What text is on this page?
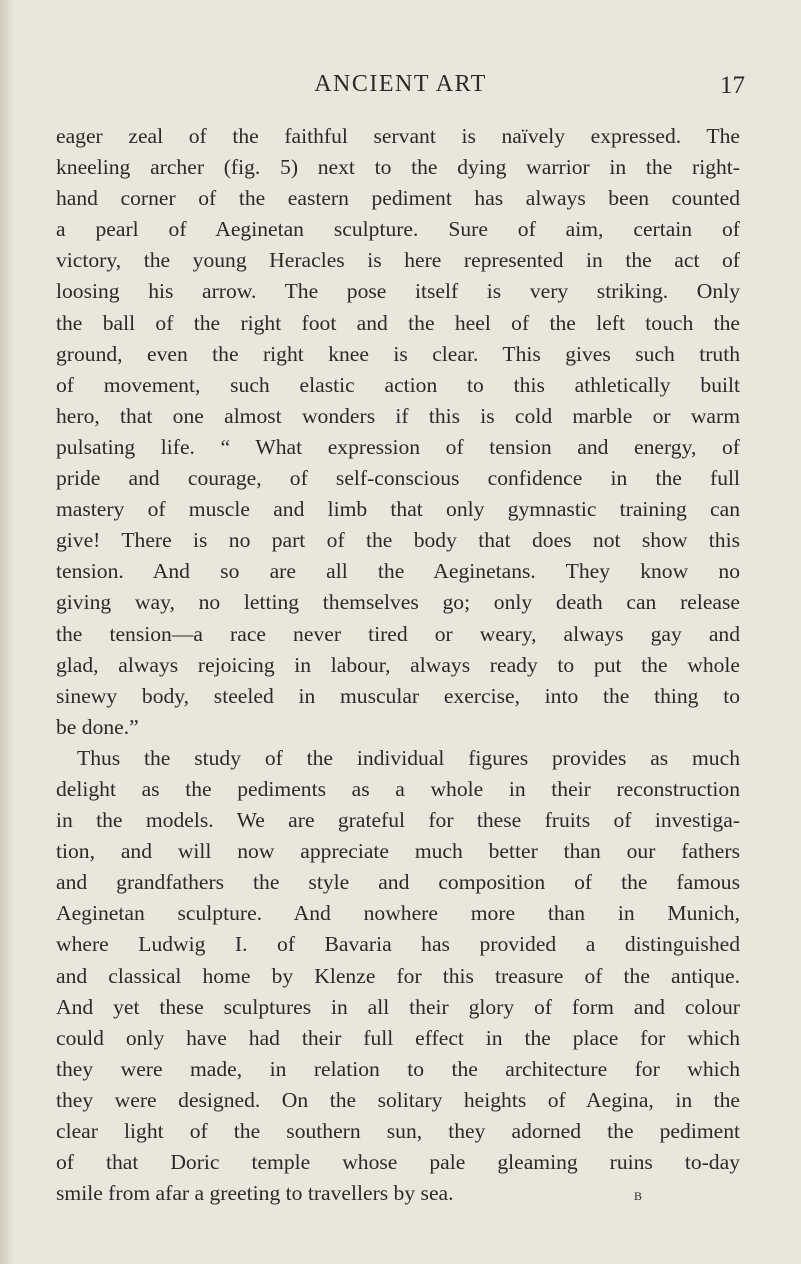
ANCIENT ART	17

eager zeal of the faithful servant is naïvely expressed. The

kneeling archer (fig. 5) next to the dying warrior in the right-

hand corner of the eastern pediment has always been counted

a pearl of Aeginetan sculpture. Sure of aim, certain of

victory, the young Heracles is here represented in the act of

loosing his arrow. The pose itself is very striking. Only

the ball of the right foot and the heel of the left touch the

ground, even the right knee is clear. This gives such truth

of movement, such elastic action to this athletically built

hero, that one almost wonders if this is cold marble or warm

pulsating life. “ What expression of tension and energy, of

pride and courage, of self-conscious confidence in the full

mastery of muscle and limb that only gymnastic training can

give! There is no part of the body that does not show this

tension. And so are all the Aeginetans. They know no

giving way, no letting themselves go; only death can release

the tension—a race never tired or weary, always gay and

glad, always rejoicing in labour, always ready to put the whole

sinewy body, steeled in muscular exercise, into the thing to

be done.”

Thus the study of the individual figures provides as much

delight as the pediments as a whole in their reconstruction

in the models. We are grateful for these fruits of investiga-

tion, and will now appreciate much better than our fathers

and grandfathers the style and composition of the famous

Aeginetan sculpture. And nowhere more than in Munich,

where Ludwig I. of Bavaria has provided a distinguished

and classical home by Klenze for this treasure of the antique.

And yet these sculptures in all their glory of form and colour

could only have had their full effect in the place for which

they were made, in relation to the architecture for which

they were designed. On the solitary heights of Aegina, in the

clear light of the southern sun, they adorned the pediment

of that Doric temple whose pale gleaming ruins to-day

smile from afar a greeting to travellers by sea.	B
